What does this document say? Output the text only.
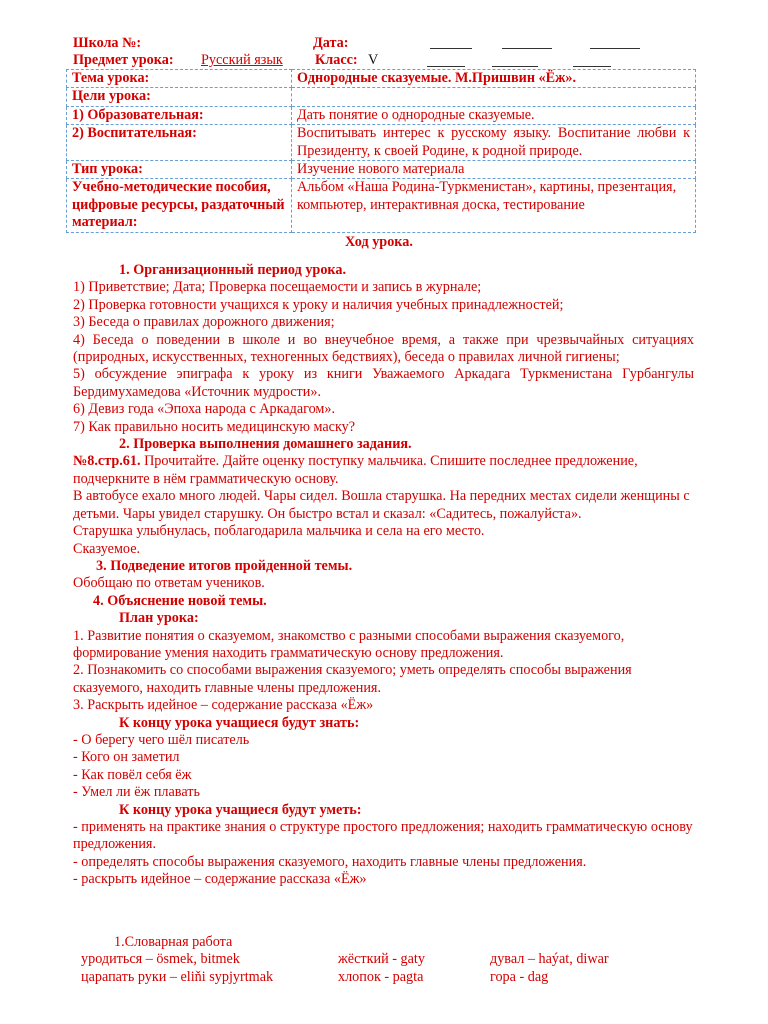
Школа №:	Дата:
Предмет урока: Русский язык Класс: V
Тема урока:	Однородные сказуемые. М.Пришвин «Ёж».
Цели урока:	
1) Образовательная:	Дать понятие о однородные сказуемые.
2) Воспитательная:	Воспитывать интерес к русскому языку. Воспитание любви к Президенту, к своей Родине, к родной природе.
Тип урока:	Изучение нового материала
Учебно-методические пособия, цифровые ресурсы, раздаточный материал:	Альбом «Наша Родина-Туркменистан», картины, презентация, компьютер, интерактивная доска, тестирование
Ход урока.

1. Организационный период урока.

1) Приветствие; Дата; Проверка посещаемости и запись в журнале;

2) Проверка готовности учащихся к уроку и наличия учебных принадлежностей;

3) Беседа о правилах дорожного движения;

4) Беседа о поведении в школе и во внеучебное время, а также при чрезвычайных ситуациях (природных, искусственных, техногенных бедствиях), беседа о правилах личной гигиены;

5) обсуждение эпиграфа к уроку из книги Уважаемого Аркадага Туркменистана Гурбангулы Бердимухамедова «Источник мудрости».

6) Девиз года «Эпоха народа с Аркадагом».

7) Как правильно носить медицинскую маску?

2. Проверка выполнения домашнего задания.

№8.стр.61. Прочитайте. Дайте оценку поступку мальчика. Спишите последнее предложение, подчеркните в нём грамматическую основу.

В автобусе ехало много людей. Чары сидел. Вошла старушка. На передних местах сидели женщины с детьми. Чары увидел старушку. Он быстро встал и сказал: «Садитесь, пожалуйста».

Старушка улыбнулась, поблагодарила мальчика и села на его место.

Сказуемое.

3. Подведение итогов пройденной темы.

Обобщаю по ответам учеников.

4. Объяснение новой темы.

План урока:

1. Развитие понятия о сказуемом, знакомство с разными способами выражения сказуемого, формирование умения находить грамматическую основу предложения.

2. Познакомить со способами выражения сказуемого; уметь определять способы выражения сказуемого, находить главные члены предложения.

3. Раскрыть идейное – содержание рассказа «Ёж»

К концу урока учащиеся будут знать:

- О берегу чего шёл писатель

- Кого он заметил

- Как повёл себя ёж

- Умел ли ёж плавать

К концу урока учащиеся будут уметь:

- применять на практике знания о структуре простого предложения; находить грамматическую основу предложения.

- определять способы выражения сказуемого, находить главные члены предложения.

- раскрыть идейное – содержание рассказа «Ёж»

1.Словарная работа
уродиться – ösmek, bitmek	жёсткий - gaty	дувал – haýat, diwar
царапать руки – eliňi sypjyrtmak	хлопок - pagta	гора - dag
